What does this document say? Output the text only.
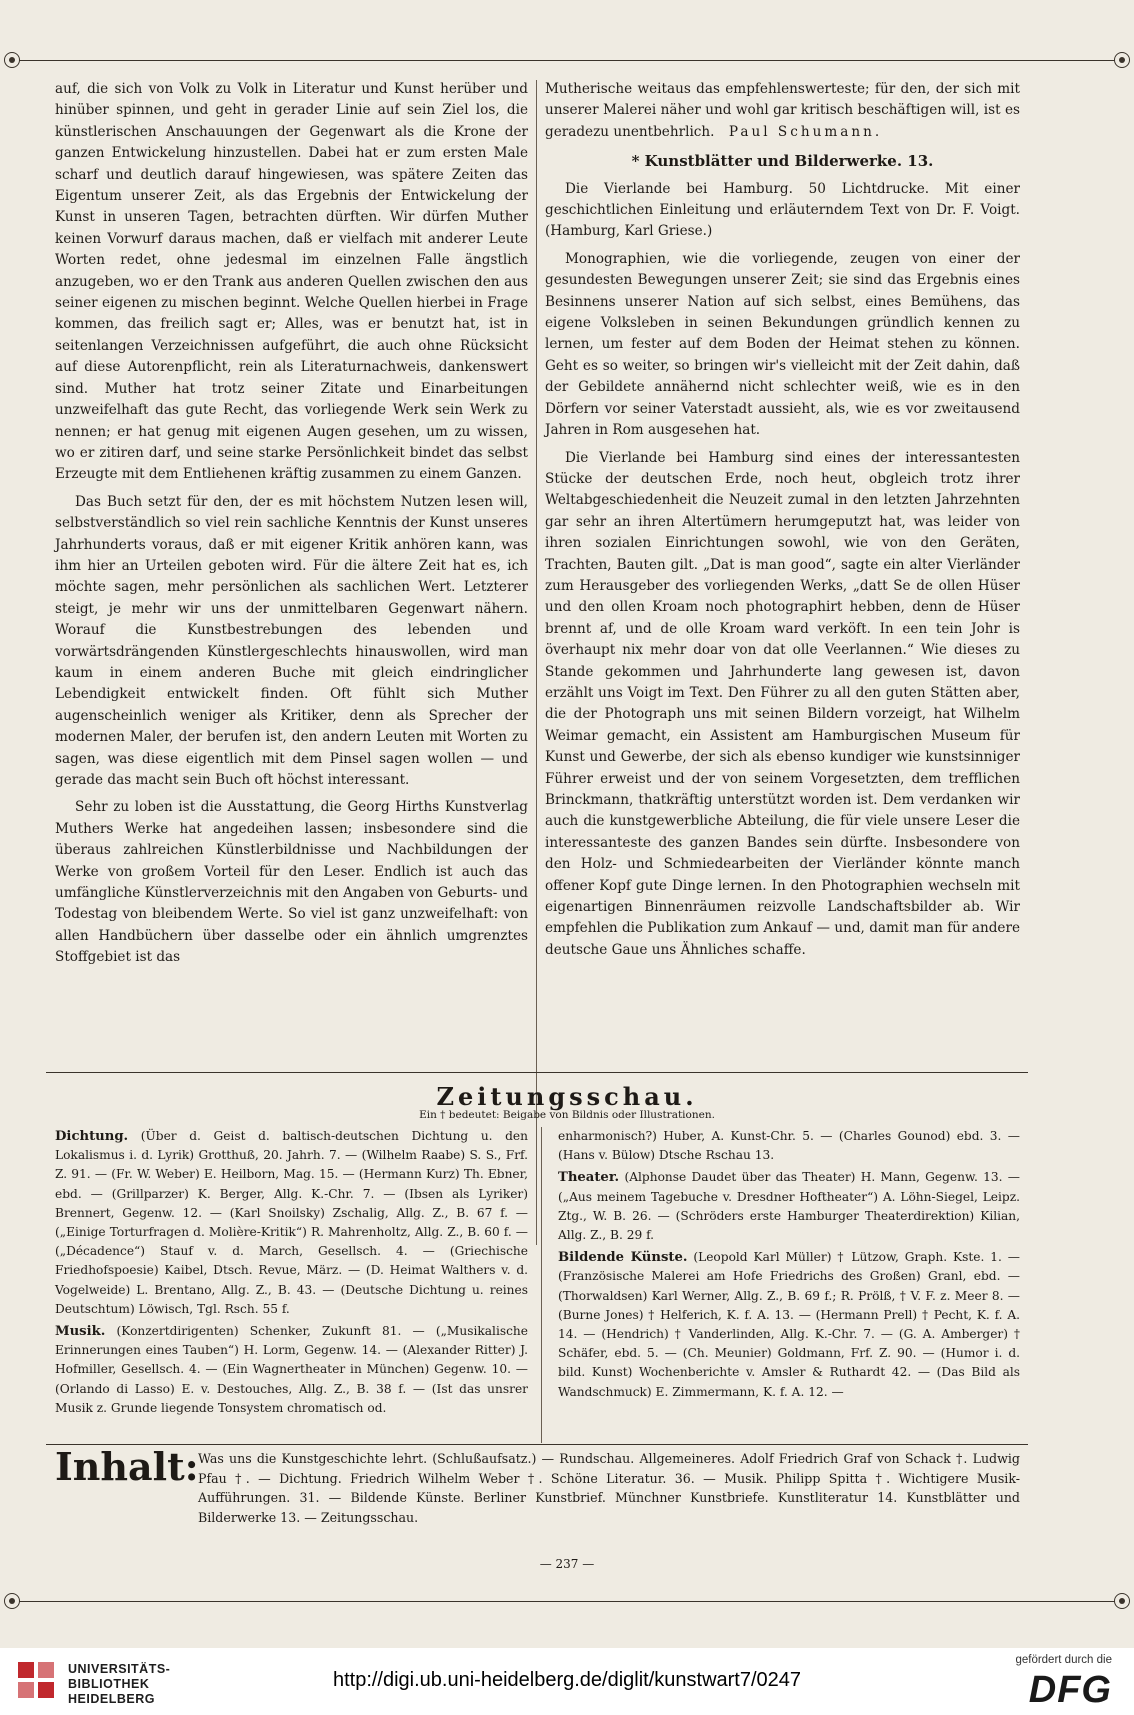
auf, die sich von Volk zu Volk in Literatur und Kunst herüber und hinüber spinnen, und geht in gerader Linie auf sein Ziel los, die künstlerischen Anschauungen der Gegenwart als die Krone der ganzen Entwickelung hinzustellen. Dabei hat er zum ersten Male scharf und deutlich darauf hingewiesen, was spätere Zeiten das Eigentum unserer Zeit, als das Ergebnis der Entwickelung der Kunst in unseren Tagen, betrachten dürften. Wir dürfen Muther keinen Vorwurf daraus machen, daß er vielfach mit anderer Leute Worten redet, ohne jedesmal im einzelnen Falle ängstlich anzugeben, wo er den Trank aus anderen Quellen zwischen den aus seiner eigenen zu mischen beginnt. Welche Quellen hierbei in Frage kommen, das freilich sagt er; Alles, was er benutzt hat, ist in seitenlangen Verzeichnissen aufgeführt, die auch ohne Rücksicht auf diese Autorenpflicht, rein als Literaturnachweis, dankenswert sind. Muther hat trotz seiner Zitate und Einarbeitungen unzweifelhaft das gute Recht, das vorliegende Werk sein Werk zu nennen; er hat genug mit eigenen Augen gesehen, um zu wissen, wo er zitiren darf, und seine starke Persönlichkeit bindet das selbst Erzeugte mit dem Entliehenen kräftig zusammen zu einem Ganzen.

Das Buch setzt für den, der es mit höchstem Nutzen lesen will, selbstverständlich so viel rein sachliche Kenntnis der Kunst unseres Jahrhunderts voraus, daß er mit eigener Kritik anhören kann, was ihm hier an Urteilen geboten wird. Für die ältere Zeit hat es, ich möchte sagen, mehr persönlichen als sachlichen Wert. Letzterer steigt, je mehr wir uns der unmittelbaren Gegenwart nähern. Worauf die Kunstbestrebungen des lebenden und vorwärtsdrängenden Künstlergeschlechts hinauswollen, wird man kaum in einem anderen Buche mit gleich eindringlicher Lebendigkeit entwickelt finden. Oft fühlt sich Muther augenscheinlich weniger als Kritiker, denn als Sprecher der modernen Maler, der berufen ist, den andern Leuten mit Worten zu sagen, was diese eigentlich mit dem Pinsel sagen wollen — und gerade das macht sein Buch oft höchst interessant.

Sehr zu loben ist die Ausstattung, die Georg Hirths Kunstverlag Muthers Werke hat angedeihen lassen; insbesondere sind die überaus zahlreichen Künstlerbildnisse und Nachbildungen der Werke von großem Vorteil für den Leser. Endlich ist auch das umfängliche Künstlerverzeichnis mit den Angaben von Geburts- und Todestag von bleibendem Werte. So viel ist ganz unzweifelhaft: von allen Handbüchern über dasselbe oder ein ähnlich umgrenztes Stoffgebiet ist das

Mutherische weitaus das empfehlenswerteste; für den, der sich mit unserer Malerei näher und wohl gar kritisch beschäftigen will, ist es geradezu unentbehrlich. Paul Schumann.

* Kunstblätter und Bilderwerke. 13.

Die Vierlande bei Hamburg. 50 Lichtdrucke. Mit einer geschichtlichen Einleitung und erläuterndem Text von Dr. F. Voigt. (Hamburg, Karl Griese.)

Monographien, wie die vorliegende, zeugen von einer der gesundesten Bewegungen unserer Zeit; sie sind das Ergebnis eines Besinnens unserer Nation auf sich selbst, eines Bemühens, das eigene Volksleben in seinen Bekundungen gründlich kennen zu lernen, um fester auf dem Boden der Heimat stehen zu können. Geht es so weiter, so bringen wir's vielleicht mit der Zeit dahin, daß der Gebildete annähernd nicht schlechter weiß, wie es in den Dörfern vor seiner Vaterstadt aussieht, als, wie es vor zweitausend Jahren in Rom ausgesehen hat.

Die Vierlande bei Hamburg sind eines der interessantesten Stücke der deutschen Erde, noch heut, obgleich trotz ihrer Weltabgeschiedenheit die Neuzeit zumal in den letzten Jahrzehnten gar sehr an ihren Altertümern herumgeputzt hat, was leider von ihren sozialen Einrichtungen sowohl, wie von den Geräten, Trachten, Bauten gilt. „Dat is man good“, sagte ein alter Vierländer zum Herausgeber des vorliegenden Werks, „datt Se de ollen Hüser und den ollen Kroam noch photographirt hebben, denn de Hüser brennt af, und de olle Kroam ward verköft. In een tein Johr is överhaupt nix mehr doar von dat olle Veerlannen.“ Wie dieses zu Stande gekommen und Jahrhunderte lang gewesen ist, davon erzählt uns Voigt im Text. Den Führer zu all den guten Stätten aber, die der Photograph uns mit seinen Bildern vorzeigt, hat Wilhelm Weimar gemacht, ein Assistent am Hamburgischen Museum für Kunst und Gewerbe, der sich als ebenso kundiger wie kunstsinniger Führer erweist und der von seinem Vorgesetzten, dem trefflichen Brinckmann, thatkräftig unterstützt worden ist. Dem verdanken wir auch die kunstgewerbliche Abteilung, die für viele unsere Leser die interessanteste des ganzen Bandes sein dürfte. Insbesondere von den Holz- und Schmiedearbeiten der Vierländer könnte manch offener Kopf gute Dinge lernen. In den Photographien wechseln mit eigenartigen Binnenräumen reizvolle Landschaftsbilder ab. Wir empfehlen die Publikation zum Ankauf — und, damit man für andere deutsche Gaue uns Ähnliches schaffe.

Zeitungsschau.
Ein † bedeutet: Beigabe von Bildnis oder Illustrationen.

Dichtung. (Über d. Geist d. baltisch-deutschen Dichtung u. den Lokalismus i. d. Lyrik) Grotthuß, 20. Jahrh. 7. — (Wilhelm Raabe) S. S., Frf. Z. 91. — (Fr. W. Weber) E. Heilborn, Mag. 15. — (Hermann Kurz) Th. Ebner, ebd. — (Grillparzer) K. Berger, Allg. K.-Chr. 7. — (Ibsen als Lyriker) Brennert, Gegenw. 12. — (Karl Snoilsky) Zschalig, Allg. Z., B. 67 f. — („Einige Torturfragen d. Molière-Kritik“) R. Mahrenholtz, Allg. Z., B. 60 f. — („Décadence“) Stauf v. d. March, Gesellsch. 4. — (Griechische Friedhofspoesie) Kaibel, Dtsch. Revue, März. — (D. Heimat Walthers v. d. Vogelweide) L. Brentano, Allg. Z., B. 43. — (Deutsche Dichtung u. reines Deutschtum) Löwisch, Tgl. Rsch. 55 f.

Musik. (Konzertdirigenten) Schenker, Zukunft 81. — („Musikalische Erinnerungen eines Tauben“) H. Lorm, Gegenw. 14. — (Alexander Ritter) J. Hofmiller, Gesellsch. 4. — (Ein Wagnertheater in München) Gegenw. 10. — (Orlando di Lasso) E. v. Destouches, Allg. Z., B. 38 f. — (Ist das unsrer Musik z. Grunde liegende Tonsystem chromatisch od.

enharmonisch?) Huber, A. Kunst-Chr. 5. — (Charles Gounod) ebd. 3. — (Hans v. Bülow) Dtsche Rschau 13.

Theater. (Alphonse Daudet über das Theater) H. Mann, Gegenw. 13. — („Aus meinem Tagebuche v. Dresdner Hoftheater“) A. Löhn-Siegel, Leipz. Ztg., W. B. 26. — (Schröders erste Hamburger Theaterdirektion) Kilian, Allg. Z., B. 29 f.

Bildende Künste. (Leopold Karl Müller) † Lützow, Graph. Kste. 1. — (Französische Malerei am Hofe Friedrichs des Großen) Granl, ebd. — (Thorwaldsen) Karl Werner, Allg. Z., B. 69 f.; R. Prölß, † V. F. z. Meer 8. — (Burne Jones) † Helferich, K. f. A. 13. — (Hermann Prell) † Pecht, K. f. A. 14. — (Hendrich) † Vanderlinden, Allg. K.-Chr. 7. — (G. A. Amberger) † Schäfer, ebd. 5. — (Ch. Meunier) Goldmann, Frf. Z. 90. — (Humor i. d. bild. Kunst) Wochenberichte v. Amsler & Ruthardt 42. — (Das Bild als Wandschmuck) E. Zimmermann, K. f. A. 12. —

Inhalt: Was uns die Kunstgeschichte lehrt. (Schlußaufsatz.) — Rundschau. Allgemeineres. Adolf Friedrich Graf von Schack †. Ludwig Pfau †. — Dichtung. Friedrich Wilhelm Weber †. Schöne Literatur. 36. — Musik. Philipp Spitta †. Wichtigere Musik-Aufführungen. 31. — Bildende Künste. Berliner Kunstbrief. Münchner Kunstbriefe. Kunstliteratur 14. Kunstblätter und Bilderwerke 13. — Zeitungsschau.
— 237 —
UNIVERSITÄTS-
BIBLIOTHEK
HEIDELBERG
http://digi.ub.uni-heidelberg.de/diglit/kunstwart7/0247
gefördert durch die
DFG
